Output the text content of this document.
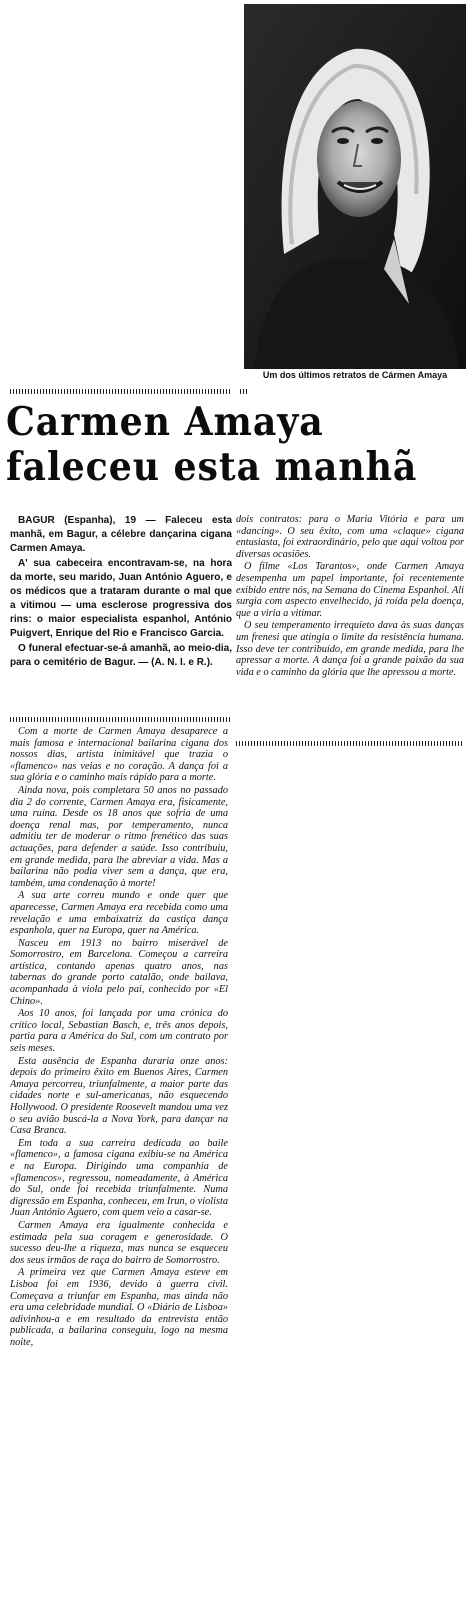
Um dos últimos retratos de Cármen Amaya
Carmen Amaya
faleceu esta manhã

BAGUR (Espanha), 19 — Faleceu esta manhã, em Bagur, a célebre dançarina cigana Carmen Amaya.

A' sua cabeceira encontravam-se, na hora da morte, seu marido, Juan António Aguero, e os médicos que a trataram durante o mal que a vitimou — uma esclerose progressiva dos rins: o maior especialista espanhol, António Puigvert, Enrique del Rio e Francisco Garcia.

O funeral efectuar-se-á amanhã, ao meio-dia, para o cemitério de Bagur. — (A. N. I. e R.).

dois contratos: para o Maria Vitória e para um «dancing». O seu êxito, com uma «claque» cigana entusiasta, foi extraordinário, pelo que aqui voltou por diversas ocasiões.

O filme «Los Tarantos», onde Carmen Amaya desempenha um papel importante, foi recentemente exibido entre nós, na Semana do Cinema Espanhol. Ali surgia com aspecto envelhecido, já roída pela doença, que a viria a vitimar.

O seu temperamento irrequieto dava às suas danças um frenesi que atingia o limite da resistência humana. Isso deve ter contribuído, em grande medida, para lhe apressar a morte. A dança foi a grande paixão da sua vida e o caminho da glória que lhe apressou a morte.

Com a morte de Carmen Amaya desaparece a mais famosa e internacional bailarina cigana dos nossos dias, artista inimitável que trazia o «flamenco» nas veias e no coração. A dança foi a sua glória e o caminho mais rápido para a morte.

Ainda nova, pois completara 50 anos no passado dia 2 do corrente, Carmen Amaya era, fisicamente, uma ruína. Desde os 18 anos que sofria de uma doença renal mas, por temperamento, nunca admitiu ter de moderar o ritmo frenético das suas actuações, para defender a saúde. Isso contribuiu, em grande medida, para lhe abreviar a vida. Mas a bailarina não podia viver sem a dança, que era, também, uma condenação à morte!

A sua arte correu mundo e onde quer que aparecesse, Carmen Amaya era recebida como uma revelação e uma embaixatriz da castiça dança espanhola, quer na Europa, quer na América.

Nasceu em 1913 no bairro miserável de Somorrostro, em Barcelona. Começou a carreira artística, contando apenas quatro anos, nas tabernas do grande porto catalão, onde bailava, acompanhada à viola pelo pai, conhecido por «El Chino».

Aos 10 anos, foi lançada por uma crónica do crítico local, Sebastian Basch, e, três anos depois, partia para a América do Sul, com um contrato por seis meses.

Esta ausência de Espanha duraria onze anos: depois do primeiro êxito em Buenos Aires, Carmen Amaya percorreu, triunfalmente, a maior parte das cidades norte e sul-americanas, não esquecendo Hollywood. O presidente Roosevelt mandou uma vez o seu avião buscá-la a Nova York, para dançar na Casa Branca.

Em toda a sua carreira dedicada ao baile «flamenco», a famosa cigana exibiu-se na América e na Europa. Dirigindo uma companhia de «flamencos», regressou, nomeadamente, à América do Sul, onde foi recebida triunfalmente. Numa digressão em Espanha, conheceu, em Irun, o violista Juan António Aguero, com quem veio a casar-se.

Carmen Amaya era igualmente conhecida e estimada pela sua coragem e generosidade. O sucesso deu-lhe a riqueza, mas nunca se esqueceu dos seus irmãos de raça do bairro de Somorrostro.

A primeira vez que Carmen Amaya esteve em Lisboa foi em 1936, devido à guerra civil. Começava a triunfar em Espanha, mas ainda não era uma celebridade mundial. O «Diário de Lisboa» adivinhou-a e em resultado da entrevista então publicada, a bailarina conseguiu, logo na mesma noite,
